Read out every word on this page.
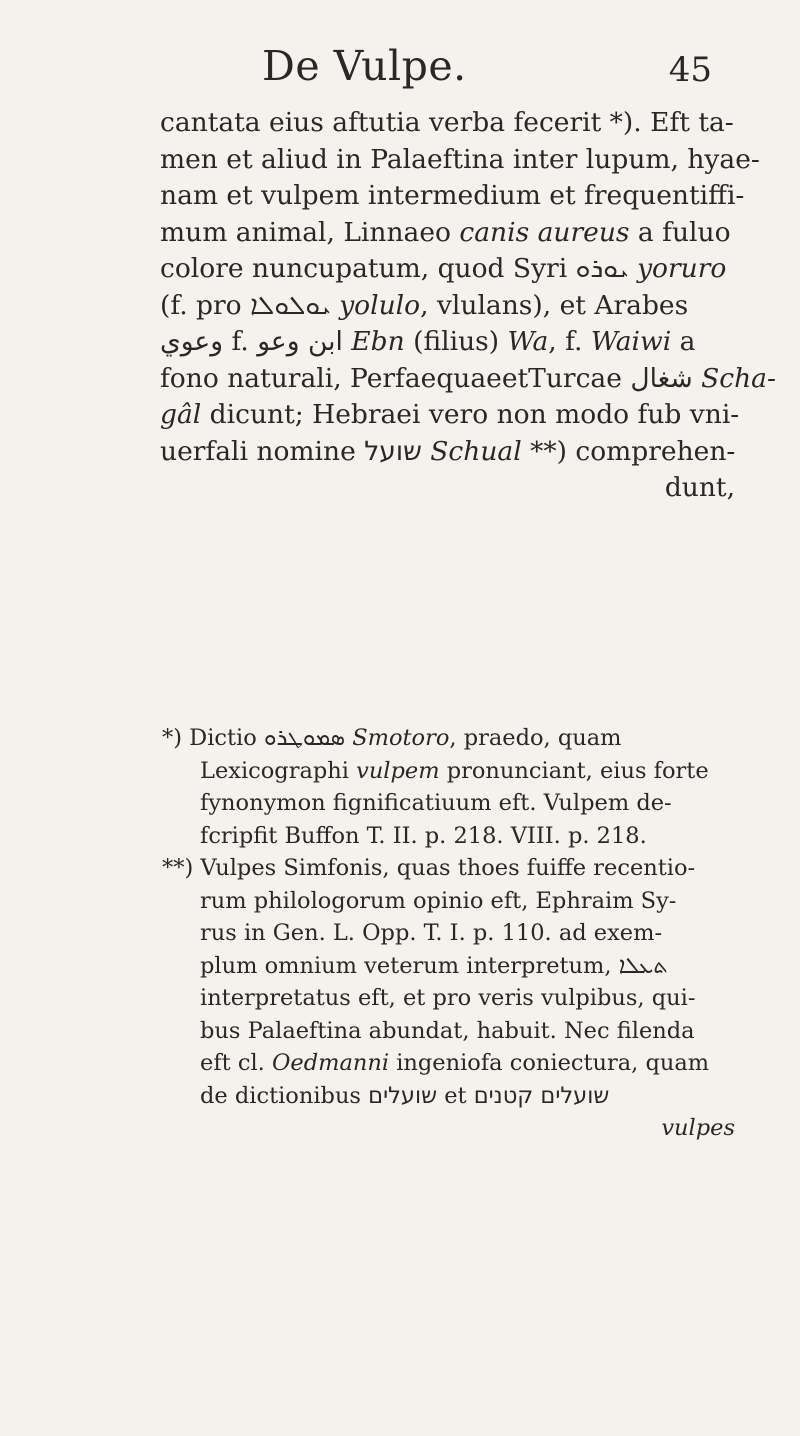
De Vulpe.	45
cantata eius aftutia verba fecerit *). Eft ta-
men et aliud in Palaeftina inter lupum, hyae-
nam et vulpem intermedium et frequentiffi-
mum animal, Linnaeo canis aureus a fuluo
colore nuncupatum, quod Syri ܝܘܪܘ yoruro
(f. pro ܝܘܠܘܠܐ yolulo, vlulans), et Arabes
وعوي f. وعو ابن Ebn (filius) Wa, f. Waiwi a
fono naturali, PerfaequaeetTurcae شغال Scha-
gâl dicunt; Hebraei vero non modo fub vni-
uerfali nomine שועל Schual **) comprehen-
dunt,
*) Dictio ܣܡܘܛܪܘ Smotoro, praedo, quam
Lexicographi vulpem pronunciant, eius forte
fynonymon fignificatiuum eft. Vulpem de-
fcripfit Buffon T. II. p. 218. VIII. p. 218.
**) Vulpes Simfonis, quas thoes fuiffe recentio-
rum philologorum opinio eft, Ephraim Sy-
rus in Gen. L. Opp. T. I. p. 110. ad exem-
plum omnium veterum interpretum, ܬܥܠܐ
interpretatus eft, et pro veris vulpibus, qui-
bus Palaeftina abundat, habuit. Nec filenda
eft cl. Oedmanni ingeniofa coniectura, quam
de dictionibus שועלים et קטנים שועלים
vulpes
